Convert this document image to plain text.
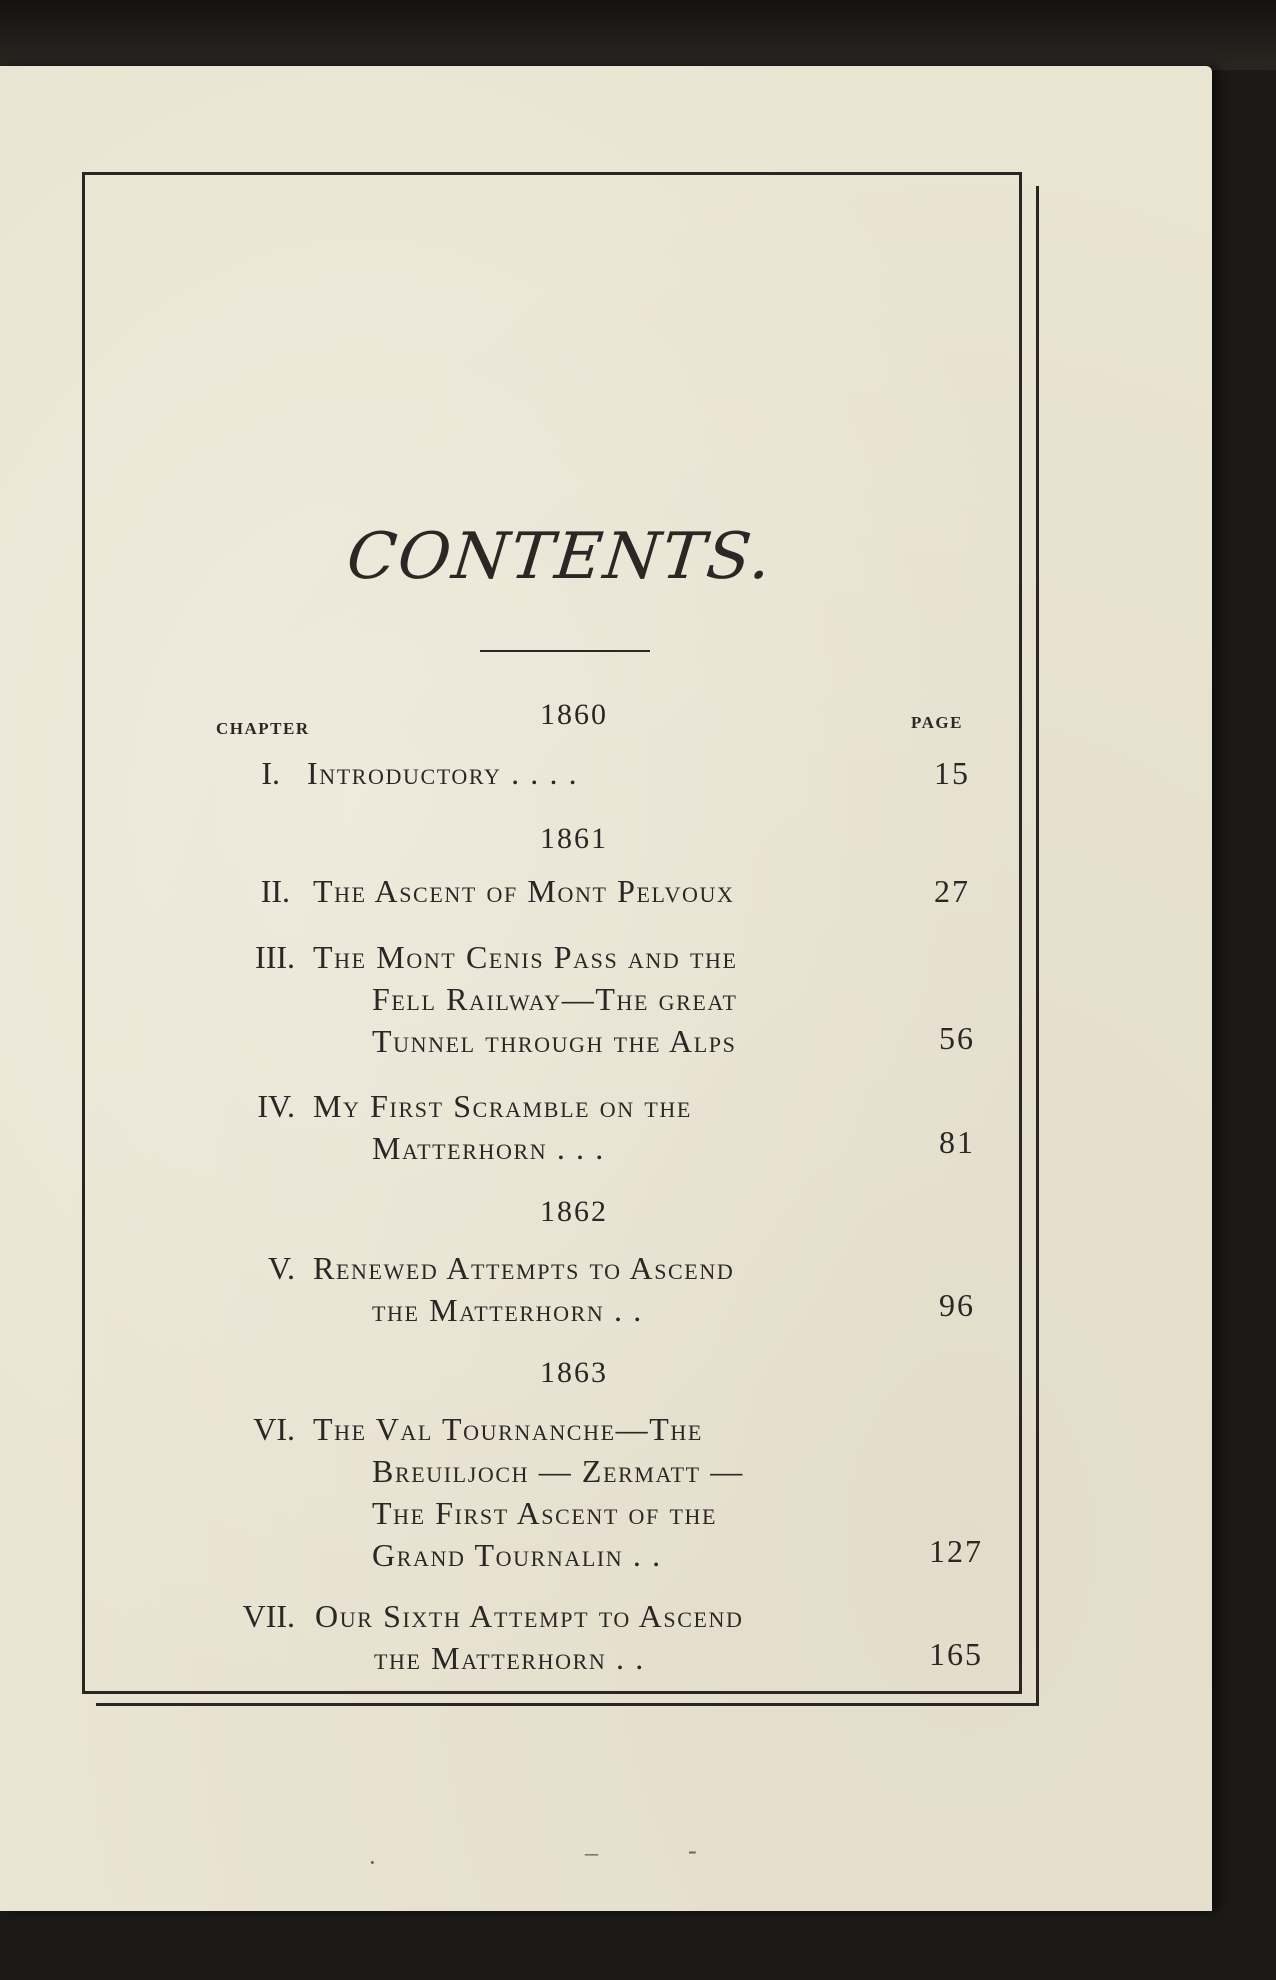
CONTENTS.
CHAPTER	PAGE
1860
I. Introductory . . . .	15
1861
II. The Ascent of Mont Pelvoux	27
III. The Mont Cenis Pass and the
Fell Railway—The great
Tunnel through the Alps	56
IV. My First Scramble on the
Matterhorn . . .	81
1862
V. Renewed Attempts to Ascend
the Matterhorn . .	96
1863
VI. The Val Tournanche—The
Breuiljoch — Zermatt —
The First Ascent of the
Grand Tournalin . .	127
VII. Our Sixth Attempt to Ascend
the Matterhorn . .	165
·	–	-
